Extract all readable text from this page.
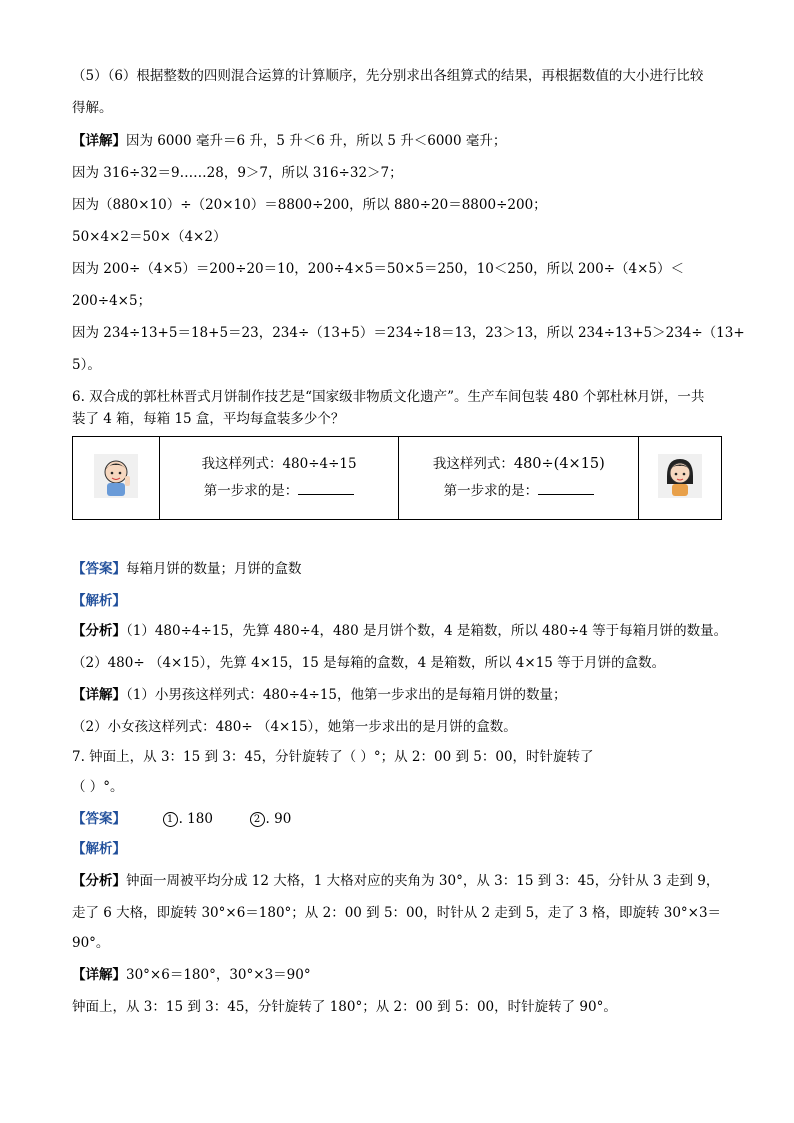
（5）（6）根据整数的四则混合运算的计算顺序，先分别求出各组算式的结果，再根据数值的大小进行比较
得解。
【详解】因为 6000 毫升＝6 升，5 升＜6 升，所以 5 升＜6000 毫升；
因为 316÷32＝9……28，9＞7，所以 316÷32＞7；
因为（880×10）÷（20×10）＝8800÷200，所以 880÷20＝8800÷200；
50×4×2＝50×（4×2）
因为 200÷（4×5）＝200÷20＝10，200÷4×5＝50×5＝250，10＜250，所以 200÷（4×5）＜
200÷4×5；
因为 234÷13+5＝18+5＝23，234÷（13+5）＝234÷18＝13，23＞13，所以 234÷13+5＞234÷（13+
5）。
6. 双合成的郭杜林晋式月饼制作技艺是“国家级非物质文化遗产”。生产车间包装 480 个郭杜林月饼，一共
装了 4 箱，每箱 15 盒，平均每盒装多少个？

我这样列式：480÷4÷15
第一步求的是：

我这样列式：480÷(4×15)
第一步求的是：

【答案】每箱月饼的数量；月饼的盒数
【解析】
【分析】（1）480÷4÷15，先算 480÷4，480 是月饼个数，4 是箱数，所以 480÷4 等于每箱月饼的数量。
（2）480÷ （4×15），先算 4×15，15 是每箱的盒数，4 是箱数，所以 4×15 等于月饼的盒数。
【详解】（1）小男孩这样列式：480÷4÷15，他第一步求出的是每箱月饼的数量；
（2）小女孩这样列式：480÷ （4×15），她第一步求出的是月饼的盒数。
7. 钟面上，从 3：15 到 3：45，分针旋转了（ ）°；从 2：00 到 5：00，时针旋转了
（ ）°。
【答案】	1 . 180	2 . 90
【解析】
【分析】钟面一周被平均分成 12 大格，1 大格对应的夹角为 30°，从 3：15 到 3：45，分针从 3 走到 9，
走了 6 大格，即旋转 30°×6＝180°；从 2：00 到 5：00，时针从 2 走到 5，走了 3 格，即旋转 30°×3＝
90°。
【详解】30°×6＝180°，30°×3＝90°
钟面上，从 3：15 到 3：45，分针旋转了 180°；从 2：00 到 5：00，时针旋转了 90°。
